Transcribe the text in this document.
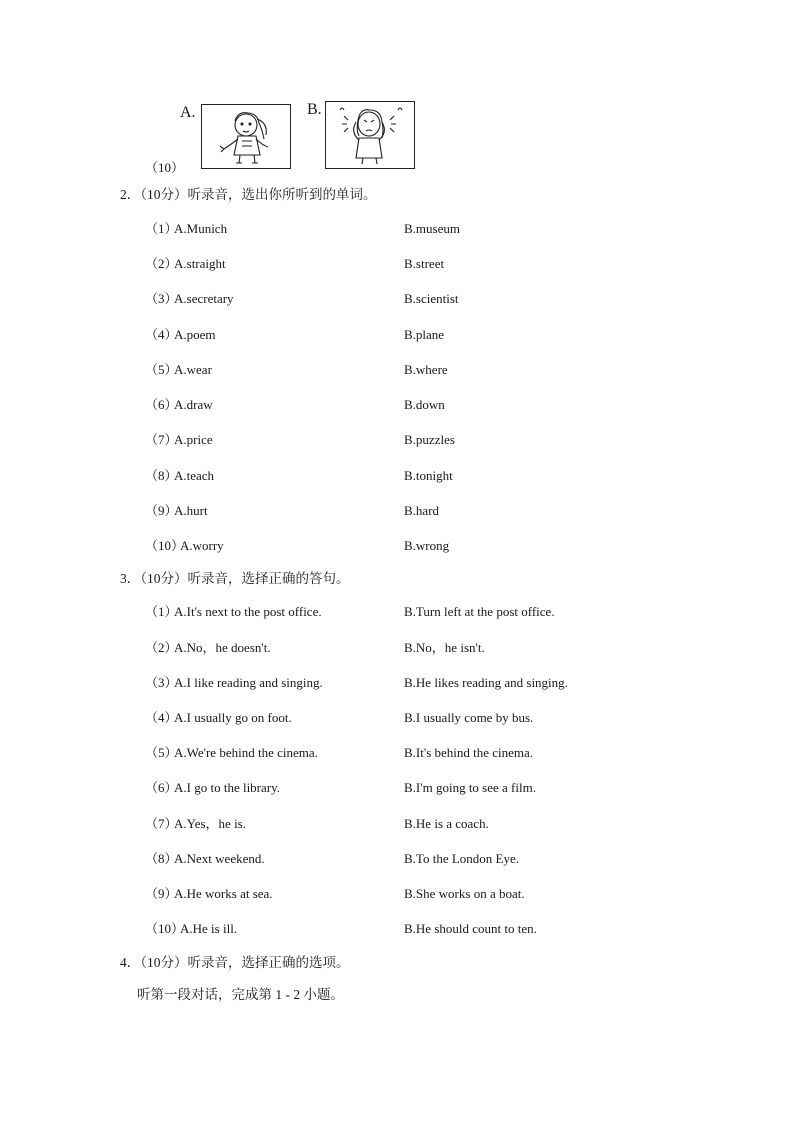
A.	B.
（10）
2．（10分）听录音，选出你所听到的单词。
（1）
A.Munich	B.museum
（2）
A.straight	B.street
（3）
A.secretary	B.scientist
（4）
A.poem	B.plane
（5）
A.wear	B.where
（6）
A.draw	B.down
（7）
A.price	B.puzzles
（8）
A.teach	B.tonight
（9）
A.hurt	B.hard
（10）
A.worry	B.wrong
3．（10分）听录音，选择正确的答句。
（1）
A.It's next to the post office.	B.Turn left at the post office.
（2）
A.No，he doesn't.	B.No，he isn't.
（3）
A.I like reading and singing.	B.He likes reading and singing.
（4）
A.I usually go on foot.	B.I usually come by bus.
（5）
A.We're behind the cinema.	B.It's behind the cinema.
（6）
A.I go to the library.	B.I'm going to see a film.
（7）
A.Yes，he is.	B.He is a coach.
（8）
A.Next weekend.	B.To the London Eye.
（9）
A.He works at sea.	B.She works on a boat.
（10）
A.He is ill.	B.He should count to ten.
4．（10分）听录音，选择正确的选项。
听第一段对话，完成第 1 - 2 小题。
